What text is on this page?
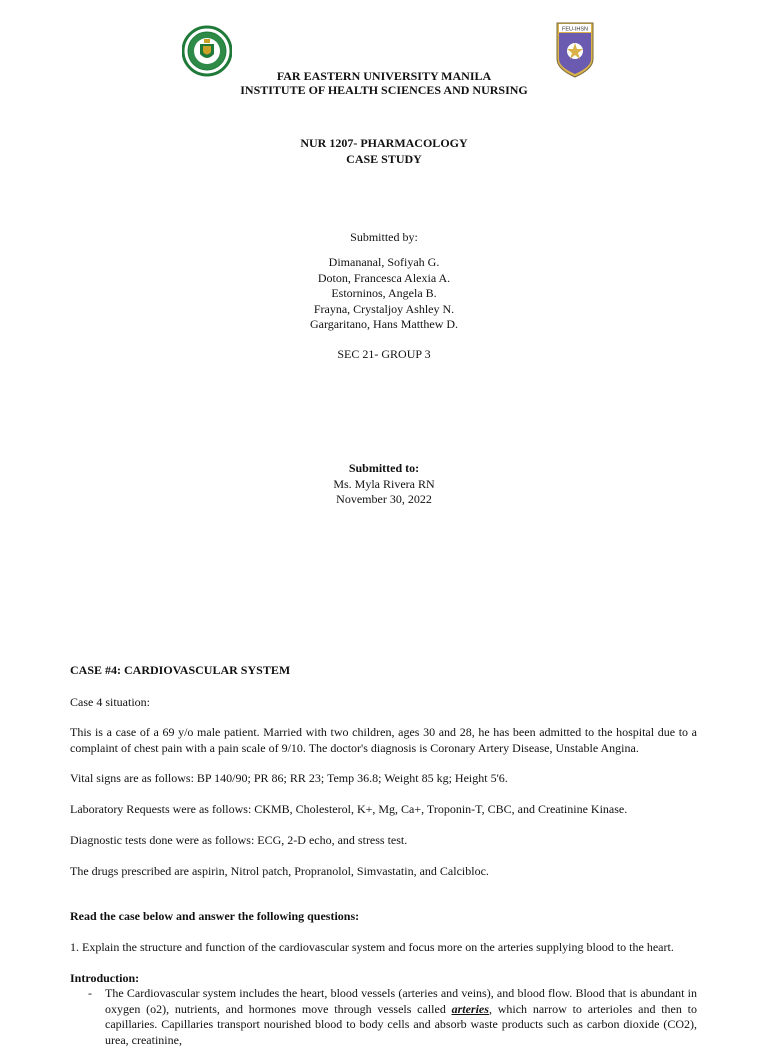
FEU-IHSN
FAR EASTERN UNIVERSITY MANILA
INSTITUTE OF HEALTH SCIENCES AND NURSING
NUR 1207- PHARMACOLOGY
CASE STUDY
Submitted by:
Dimananal, Sofiyah G.
Doton, Francesca Alexia A.
Estorninos, Angela B.
Frayna, Crystaljoy Ashley N.
Gargaritano, Hans Matthew D.
SEC 21- GROUP 3
Submitted to:
Ms. Myla Rivera RN
November 30, 2022

CASE #4: CARDIOVASCULAR SYSTEM

Case 4 situation:

This is a case of a 69 y/o male patient. Married with two children, ages 30 and 28, he has been admitted to the hospital due to a complaint of chest pain with a pain scale of 9/10. The doctor's diagnosis is Coronary Artery Disease, Unstable Angina.

Vital signs are as follows: BP 140/90; PR 86; RR 23; Temp 36.8; Weight 85 kg; Height 5'6.

Laboratory Requests were as follows: CKMB, Cholesterol, K+, Mg, Ca+, Troponin-T, CBC, and Creatinine Kinase.

Diagnostic tests done were as follows: ECG, 2-D echo, and stress test.

The drugs prescribed are aspirin, Nitrol patch, Propranolol, Simvastatin, and Calcibloc.

Read the case below and answer the following questions:

1. Explain the structure and function of the cardiovascular system and focus more on the arteries supplying blood to the heart.

Introduction:

- The Cardiovascular system includes the heart, blood vessels (arteries and veins), and blood flow. Blood that is abundant in oxygen (o2), nutrients, and hormones move through vessels called arteries, which narrow to arterioles and then to capillaries. Capillaries transport nourished blood to body cells and absorb waste products such as carbon dioxide (CO2), urea, creatinine,
